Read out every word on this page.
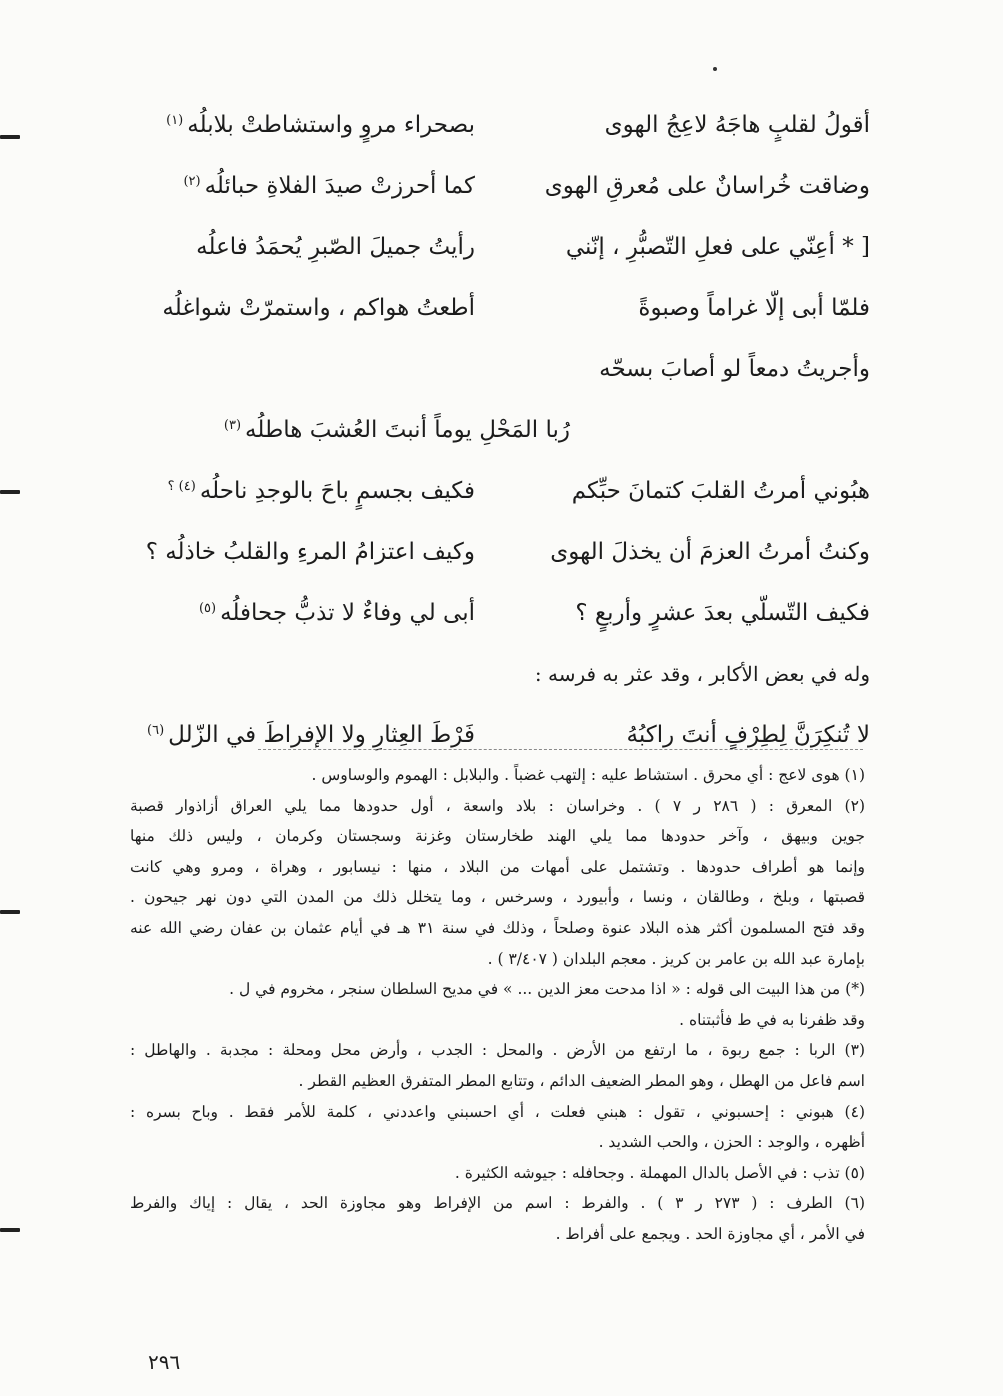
أقولُ لقلبٍ هاجَهُ لاعِجُ الهوى
بصحراء مروٍ واستشاطتْ بلابلُه$^{(١)}$
وضاقت خُراسانٌ على مُعرقِ الهوى
كما أحرزتْ صيدَ الفلاةِ حبائلُه$^{(٢)}$
[ * أعِنّي على فعلِ التّصبُّرِ ، إنّني
رأيتُ جميلَ الصّبرِ يُحمَدُ فاعلُه
فلمّا أبى إلّا غراماً وصبوةً
أطعتُ هواكم ، واستمرّتْ شواغلُه
وأجريتُ دمعاً لو أصابَ بسحّه
رُبا المَحْلِ يوماً أنبتَ العُشبَ هاطلُه$^{(٣)}$
هبُوني أمرتُ القلبَ كتمانَ حبِّكم
فكيف بجسمٍ باحَ بالوجدِ ناحلُه$^{(٤) ؟}$
وكنتُ أمرتُ العزمَ أن يخذلَ الهوى
وكيف اعتزامُ المرءِ والقلبُ خاذلُه ؟
فكيف التّسلّي بعدَ عشرٍ وأربعٍ ؟
أبى لي وفاءٌ لا تذبُّ جحافلُه$^{(٥)}$
وله في بعض الأكابر ، وقد عثر به فرسه :
لا تُنكِرَنَّ لِطِرْفٍ أنتَ راكبُهُ
فَرْطَ العِثارِ ولا الإفراطَ في الزّلل$^{(٦)}$
(١) هوى لاعج : أي محرق . استشاط عليه : إلتهب غضباً . والبلابل : الهموم والوساوس .
(٢) المعرق : ( ٢٨٦ ر ٧ ) . وخراسان : بلاد واسعة ، أول حدودها مما يلي العراق أزاذوار قصبة
جوين وبيهق ، وآخر حدودها مما يلي الهند طخارستان وغزنة وسجستان وكرمان ، وليس ذلك منها
وإنما هو أطراف حدودها . وتشتمل على أمهات من البلاد ، منها : نيسابور ، وهراة ، ومرو وهي كانت
قصبتها ، وبلخ ، وطالقان ، ونسا ، وأبيورد ، وسرخس ، وما يتخلل ذلك من المدن التي دون نهر جيحون .
وقد فتح المسلمون أكثر هذه البلاد عنوة وصلحاً ، وذلك في سنة ٣١ هـ في أيام عثمان بن عفان رضي الله عنه
بإمارة عبد الله بن عامر بن كريز . معجم البلدان ( ٣/٤٠٧ ) .
(*) من هذا البيت الى قوله : « اذا مدحت معز الدين ... » في مديح السلطان سنجر ، مخروم في ل .
وقد ظفرنا به في ط فأثبتناه .
(٣) الربا : جمع ربوة ، ما ارتفع من الأرض . والمحل : الجدب ، وأرض محل ومحلة : مجدبة . والهاطل :
اسم فاعل من الهطل ، وهو المطر الضعيف الدائم ، وتتابع المطر المتفرق العظيم القطر .
(٤) هبوني : إحسبوني ، تقول : هبني فعلت ، أي احسبني واعددني ، كلمة للأمر فقط . وباح بسره :
أظهره ، والوجد : الحزن ، والحب الشديد .
(٥) تذب : في الأصل بالدال المهملة . وجحافله : جيوشه الكثيرة .
(٦) الطرف : ( ٢٧٣ ر ٣ ) . والفرط : اسم من الإفراط وهو مجاوزة الحد ، يقال : إياك والفرط
في الأمر ، أي مجاوزة الحد . ويجمع على أفراط .
٢٩٦
